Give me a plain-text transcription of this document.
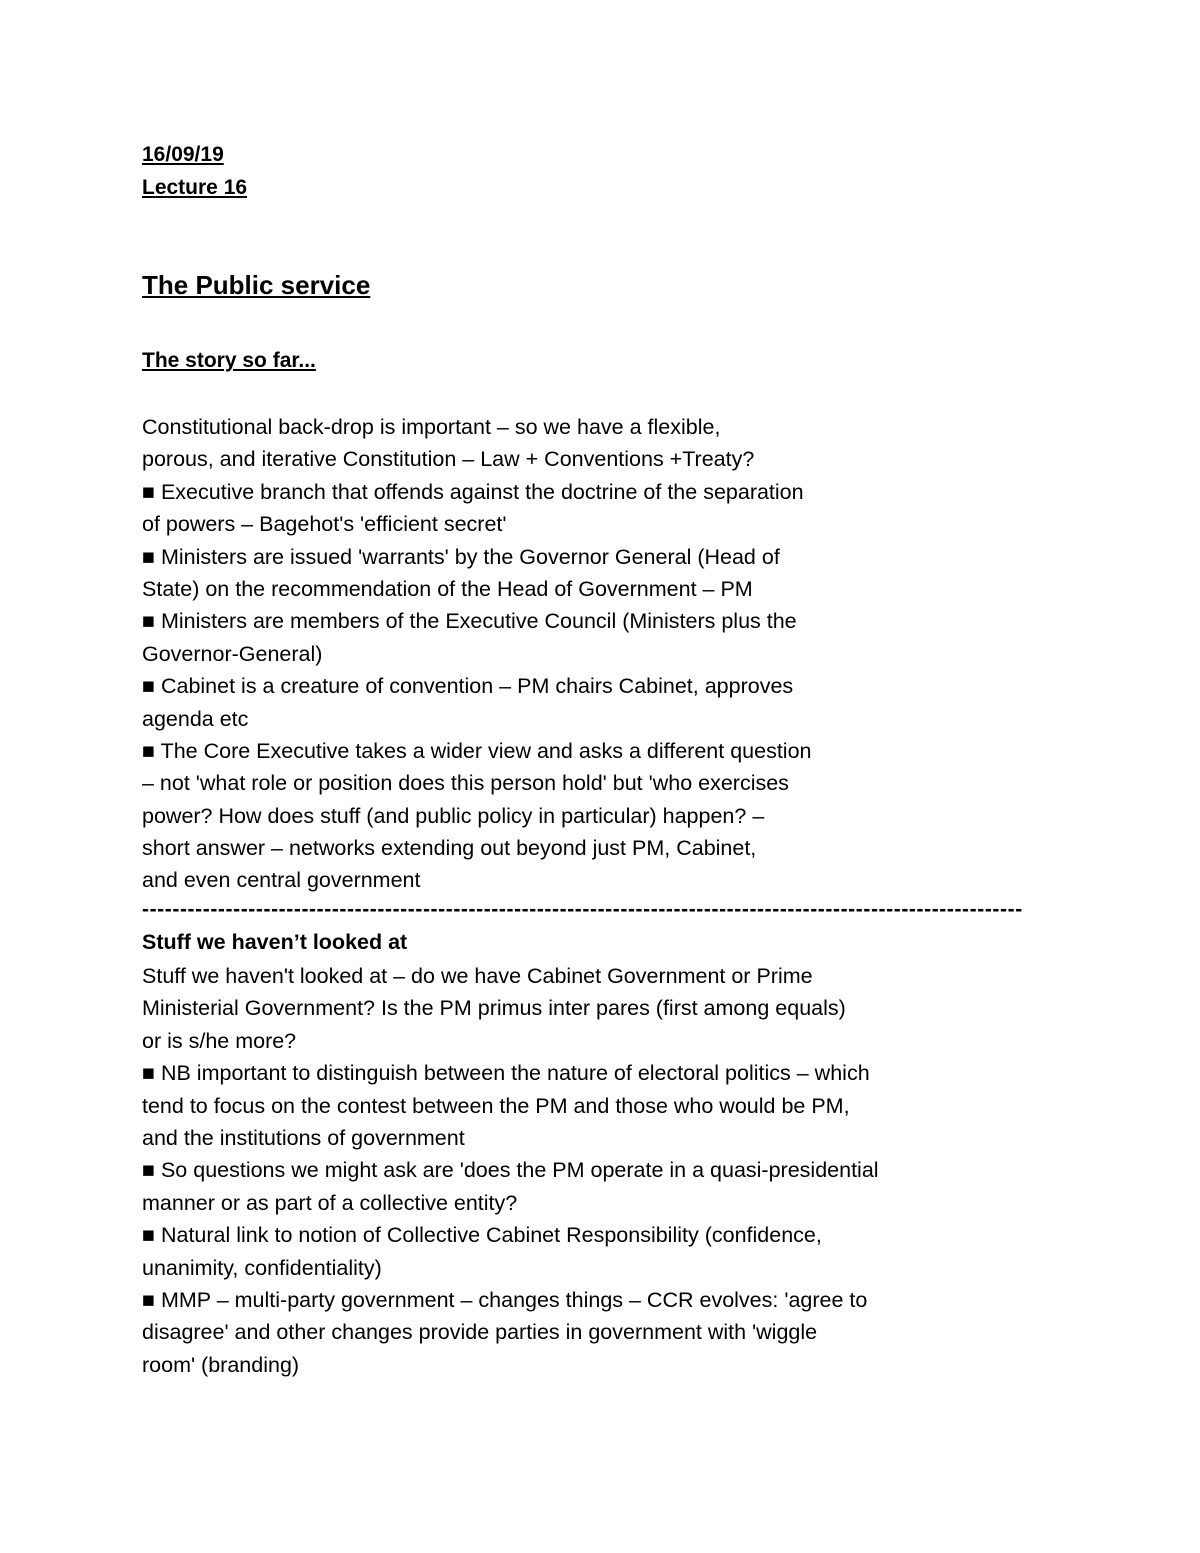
16/09/19

Lecture 16

The Public service
The story so far...
Constitutional back-drop is important – so we have a flexible,
porous, and iterative Constitution – Law + Conventions +Treaty?
■ Executive branch that offends against the doctrine of the separation
of powers – Bagehot's 'efficient secret'
■ Ministers are issued 'warrants' by the Governor General (Head of
State) on the recommendation of the Head of Government – PM
■ Ministers are members of the Executive Council (Ministers plus the
Governor-General)
■ Cabinet is a creature of convention – PM chairs Cabinet, approves
agenda etc
■ The Core Executive takes a wider view and asks a different question
– not 'what role or position does this person hold' but 'who exercises
power? How does stuff (and public policy in particular) happen? –
short answer – networks extending out beyond just PM, Cabinet,
and even central government

--------------------------------------------------------------------------------------------------------------------

Stuff we haven’t looked at
Stuff we haven't looked at – do we have Cabinet Government or Prime
Ministerial Government? Is the PM primus inter pares (first among equals)
or is s/he more?
■ NB important to distinguish between the nature of electoral politics – which
tend to focus on the contest between the PM and those who would be PM,
and the institutions of government
■ So questions we might ask are 'does the PM operate in a quasi-presidential
manner or as part of a collective entity?
■ Natural link to notion of Collective Cabinet Responsibility (confidence,
unanimity, confidentiality)
■ MMP – multi-party government – changes things – CCR evolves: 'agree to
disagree' and other changes provide parties in government with 'wiggle
room' (branding)
